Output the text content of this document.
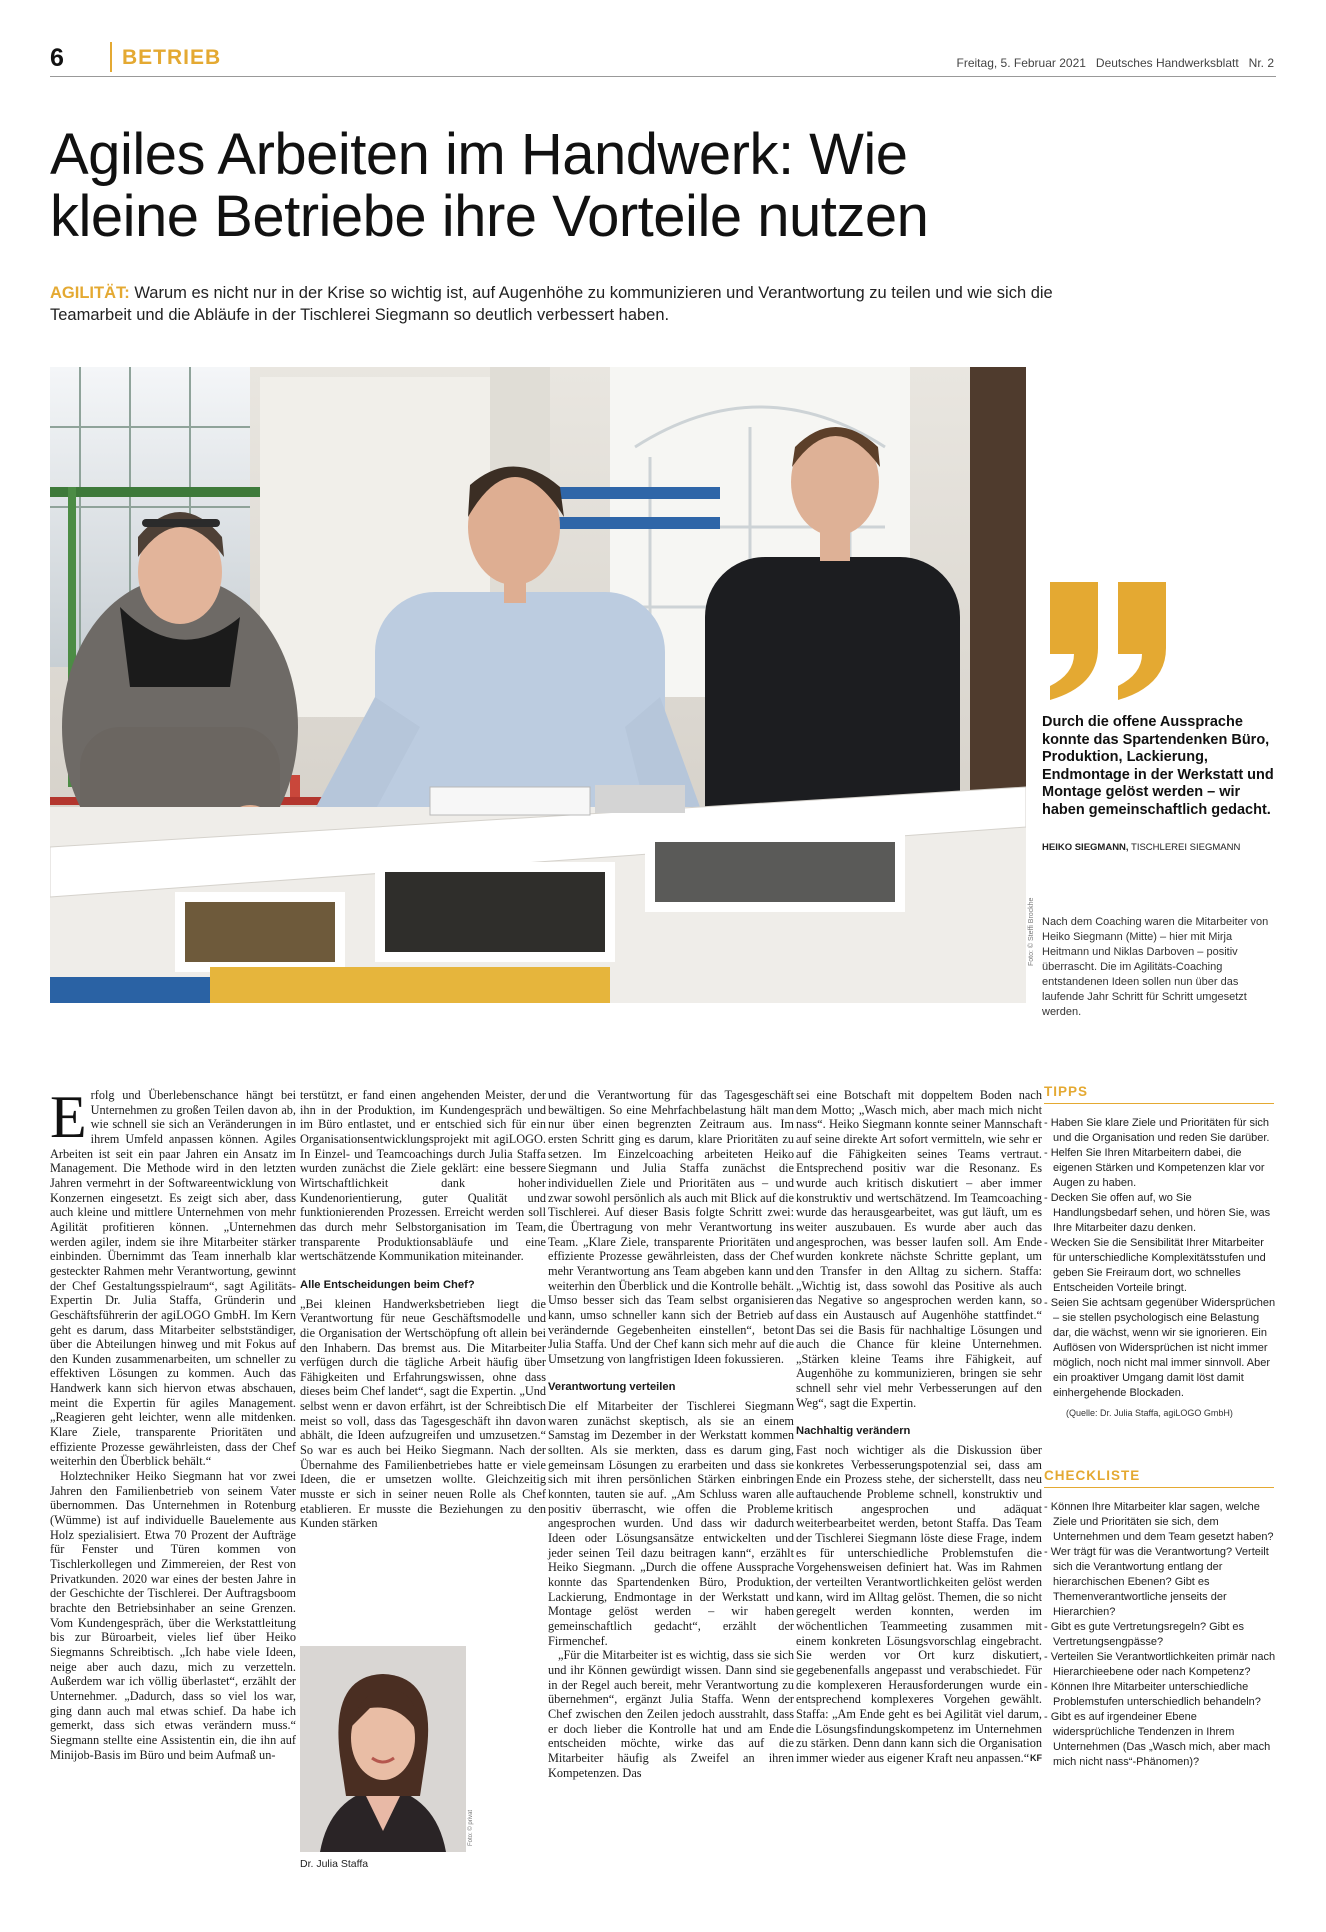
6	BETRIEB	Freitag, 5. Februar 2021   Deutsches Handwerksblatt   Nr. 2
Agiles Arbeiten im Handwerk: Wie
kleine Betriebe ihre Vorteile nutzen

AGILITÄT: Warum es nicht nur in der Krise so wichtig ist, auf Augenhöhe zu kommunizieren und Verantwortung zu teilen und wie sich die Teamarbeit und die Abläufe in der Tischlerei Siegmann so deutlich verbessert haben.

Foto: © Steffi Brockhe

Durch die offene Aussprache konnte das Spartendenken Büro, Produktion, Lackierung, Endmontage in der Werkstatt und Montage gelöst werden – wir haben gemeinschaftlich gedacht.

HEIKO SIEGMANN, TISCHLEREI SIEGMANN

Nach dem Coaching waren die Mitarbeiter von Heiko Siegmann (Mitte) – hier mit Mirja Heitmann und Niklas Darboven – positiv überrascht. Die im Agilitäts-Coaching entstandenen Ideen sollen nun über das laufende Jahr Schritt für Schritt umgesetzt werden.

Erfolg und Überlebenschance hängt bei Unternehmen zu großen Teilen davon ab, wie schnell sie sich an Veränderungen in ihrem Umfeld anpassen können. Agiles Arbeiten ist seit ein paar Jahren ein Ansatz im Management. Die Methode wird in den letzten Jahren vermehrt in der Softwareentwicklung von Konzernen eingesetzt. Es zeigt sich aber, dass auch kleine und mittlere Unternehmen von mehr Agilität profitieren können. „Unternehmen werden agiler, indem sie ihre Mitarbeiter stärker einbinden. Übernimmt das Team innerhalb klar gesteckter Rahmen mehr Verantwortung, gewinnt der Chef Gestaltungsspielraum“, sagt Agilitäts-Expertin Dr. Julia Staffa, Gründerin und Geschäftsführerin der agiLOGO GmbH. Im Kern geht es darum, dass Mitarbeiter selbstständiger, über die Abteilungen hinweg und mit Fokus auf den Kunden zusammenarbeiten, um schneller zu effektiven Lösungen zu kommen. Auch das Handwerk kann sich hiervon etwas abschauen, meint die Expertin für agiles Management. „Reagieren geht leichter, wenn alle mitdenken. Klare Ziele, transparente Prioritäten und effiziente Prozesse gewährleisten, dass der Chef weiterhin den Überblick behält.“

Holztechniker Heiko Siegmann hat vor zwei Jahren den Familienbetrieb von seinem Vater übernommen. Das Unternehmen in Rotenburg (Wümme) ist auf individuelle Bauelemente aus Holz spezialisiert. Etwa 70 Prozent der Aufträge für Fenster und Türen kommen von Tischlerkollegen und Zimmereien, der Rest von Privatkunden. 2020 war eines der besten Jahre in der Geschichte der Tischlerei. Der Auftragsboom brachte den Betriebsinhaber an seine Grenzen. Vom Kundengespräch, über die Werkstattleitung bis zur Büroarbeit, vieles lief über Heiko Siegmanns Schreibtisch. „Ich habe viele Ideen, neige aber auch dazu, mich zu verzetteln. Außerdem war ich völlig überlastet“, erzählt der Unternehmer. „Dadurch, dass so viel los war, ging dann auch mal etwas schief. Da habe ich gemerkt, dass sich etwas verändern muss.“ Siegmann stellte eine Assistentin ein, die ihn auf Minijob-Basis im Büro und beim Aufmaß un-

terstützt, er fand einen angehenden Meister, der ihn in der Produktion, im Kundengespräch und im Büro entlastet, und er entschied sich für ein Organisationsentwicklungsprojekt mit agiLOGO. In Einzel- und Teamcoachings durch Julia Staffa wurden zunächst die Ziele geklärt: eine bessere Wirtschaftlichkeit dank hoher Kundenorientierung, guter Qualität und funktionierenden Prozessen. Erreicht werden soll das durch mehr Selbstorganisation im Team, transparente Produktionsabläufe und eine wertschätzende Kommunikation miteinander.

Alle Entscheidungen beim Chef?

„Bei kleinen Handwerksbetrieben liegt die Verantwortung für neue Geschäftsmodelle und die Organisation der Wertschöpfung oft allein bei den Inhabern. Das bremst aus. Die Mitarbeiter verfügen durch die tägliche Arbeit häufig über Fähigkeiten und Erfahrungswissen, ohne dass dieses beim Chef landet“, sagt die Expertin. „Und selbst wenn er davon erfährt, ist der Schreibtisch meist so voll, dass das Tagesgeschäft ihn davon abhält, die Ideen aufzugreifen und umzusetzen.“ So war es auch bei Heiko Siegmann. Nach der Übernahme des Familienbetriebes hatte er viele Ideen, die er umsetzen wollte. Gleichzeitig musste er sich in seiner neuen Rolle als Chef etablieren. Er musste die Beziehungen zu den Kunden stärken

Foto: © privat
Dr. Julia Staffa

und die Verantwortung für das Tagesgeschäft bewältigen. So eine Mehrfachbelastung hält man nur über einen begrenzten Zeitraum aus. Im ersten Schritt ging es darum, klare Prioritäten zu setzen. Im Einzelcoaching arbeiteten Heiko Siegmann und Julia Staffa zunächst die individuellen Ziele und Prioritäten aus – und zwar sowohl persönlich als auch mit Blick auf die Tischlerei. Auf dieser Basis folgte Schritt zwei: die Übertragung von mehr Verantwortung ins Team. „Klare Ziele, transparente Prioritäten und effiziente Prozesse gewährleisten, dass der Chef mehr Verantwortung ans Team abgeben kann und weiterhin den Überblick und die Kontrolle behält. Umso besser sich das Team selbst organisieren kann, umso schneller kann sich der Betrieb auf verändernde Gegebenheiten einstellen“, betont Julia Staffa. Und der Chef kann sich mehr auf die Umsetzung von langfristigen Ideen fokussieren.

Verantwortung verteilen

Die elf Mitarbeiter der Tischlerei Siegmann waren zunächst skeptisch, als sie an einem Samstag im Dezember in der Werkstatt kommen sollten. Als sie merkten, dass es darum ging, gemeinsam Lösungen zu erarbeiten und dass sie sich mit ihren persönlichen Stärken einbringen konnten, tauten sie auf. „Am Schluss waren alle positiv überrascht, wie offen die Probleme angesprochen wurden. Und dass wir dadurch Ideen oder Lösungsansätze entwickelten und jeder seinen Teil dazu beitragen kann“, erzählt Heiko Siegmann. „Durch die offene Aussprache konnte das Spartendenken Büro, Produktion, Lackierung, Endmontage in der Werkstatt und Montage gelöst werden – wir haben gemeinschaftlich gedacht“, erzählt der Firmenchef.

„Für die Mitarbeiter ist es wichtig, dass sie sich und ihr Können gewürdigt wissen. Dann sind sie in der Regel auch bereit, mehr Verantwortung zu übernehmen“, ergänzt Julia Staffa. Wenn der Chef zwischen den Zeilen jedoch ausstrahlt, dass er doch lieber die Kontrolle hat und am Ende entscheiden möchte, wirke das auf die Mitarbeiter häufig als Zweifel an ihren Kompetenzen. Das

sei eine Botschaft mit doppeltem Boden nach dem Motto; „Wasch mich, aber mach mich nicht nass“. Heiko Siegmann konnte seiner Mannschaft auf seine direkte Art sofort vermitteln, wie sehr er auf die Fähigkeiten seines Teams vertraut. Entsprechend positiv war die Resonanz. Es wurde auch kritisch diskutiert – aber immer konstruktiv und wertschätzend. Im Teamcoaching wurde das herausgearbeitet, was gut läuft, um es weiter auszubauen. Es wurde aber auch das angesprochen, was besser laufen soll. Am Ende wurden konkrete nächste Schritte geplant, um den Transfer in den Alltag zu sichern. Staffa: „Wichtig ist, dass sowohl das Positive als auch das Negative so angesprochen werden kann, so dass ein Austausch auf Augenhöhe stattfindet.“ Das sei die Basis für nachhaltige Lösungen und auch die Chance für kleine Unternehmen. „Stärken kleine Teams ihre Fähigkeit, auf Augenhöhe zu kommunizieren, bringen sie sehr schnell sehr viel mehr Verbesserungen auf den Weg“, sagt die Expertin.

Nachhaltig verändern

Fast noch wichtiger als die Diskussion über konkretes Verbesserungspotenzial sei, dass am Ende ein Prozess stehe, der sicherstellt, dass neu auftauchende Probleme schnell, konstruktiv und kritisch angesprochen und adäquat weiterbearbeitet werden, betont Staffa. Das Team der Tischlerei Siegmann löste diese Frage, indem es für unterschiedliche Problemstufen die Vorgehensweisen definiert hat. Was im Rahmen der verteilten Verantwortlichkeiten gelöst werden kann, wird im Alltag gelöst. Themen, die so nicht geregelt werden konnten, werden im wöchentlichen Teammeeting zusammen mit einem konkreten Lösungsvorschlag eingebracht. Sie werden vor Ort kurz diskutiert, gegebenenfalls angepasst und verabschiedet. Für die komplexeren Herausforderungen wurde ein entsprechend komplexeres Vorgehen gewählt. Staffa: „Am Ende geht es bei Agilität viel darum, die Lösungsfindungskompetenz im Unternehmen zu stärken. Denn dann kann sich die Organisation immer wieder aus eigener Kraft neu anpassen.“ KF

TIPPS
- Haben Sie klare Ziele und Prioritäten für sich und die Organisation und reden Sie darüber.
- Helfen Sie Ihren Mitarbeitern dabei, die eigenen Stärken und Kompetenzen klar vor Augen zu haben.
- Decken Sie offen auf, wo Sie Handlungsbedarf sehen, und hören Sie, was Ihre Mitarbeiter dazu denken.
- Wecken Sie die Sensibilität Ihrer Mitarbeiter für unterschiedliche Komplexitätsstufen und geben Sie Freiraum dort, wo schnelles Entscheiden Vorteile bringt.
- Seien Sie achtsam gegenüber Widersprüchen – sie stellen psychologisch eine Belastung dar, die wächst, wenn wir sie ignorieren. Ein Auflösen von Widersprüchen ist nicht immer möglich, noch nicht mal immer sinnvoll. Aber ein proaktiver Umgang damit löst damit einhergehende Blockaden.
(Quelle: Dr. Julia Staffa, agiLOGO GmbH)
CHECKLISTE
- Können Ihre Mitarbeiter klar sagen, welche Ziele und Prioritäten sie sich, dem Unternehmen und dem Team gesetzt haben?
- Wer trägt für was die Verantwortung? Verteilt sich die Verantwortung entlang der hierarchischen Ebenen? Gibt es Themenverantwortliche jenseits der Hierarchien?
- Gibt es gute Vertretungsregeln? Gibt es Vertretungsengpässe?
- Verteilen Sie Verantwortlichkeiten primär nach Hierarchieebene oder nach Kompetenz?
- Können Ihre Mitarbeiter unterschiedliche Problemstufen unterschiedlich behandeln?
- Gibt es auf irgendeiner Ebene widersprüchliche Tendenzen in Ihrem Unternehmen (Das „Wasch mich, aber mach mich nicht nass“-Phänomen)?
